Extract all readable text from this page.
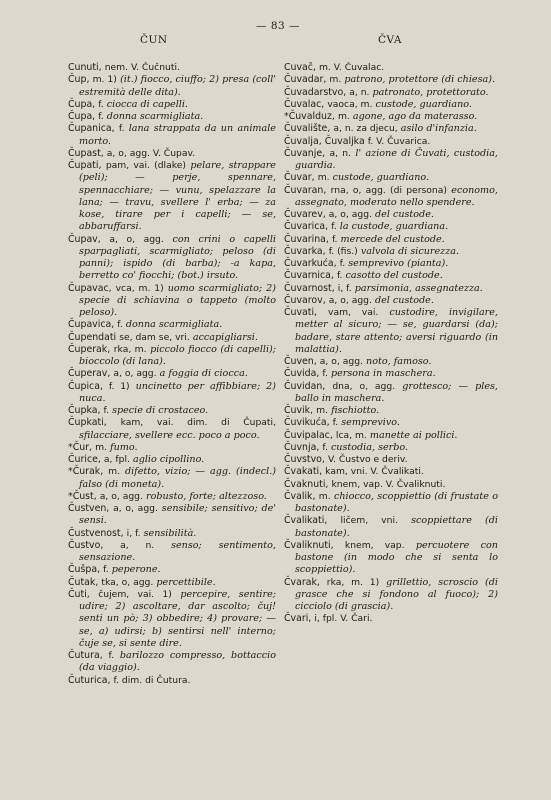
ČUN
— 83 —
ČVA

Čunuti, nem. V. Čučnuti.

Čup, m. 1) (it.) fiocco, ciuffo; 2) presa (coll' estremità delle dita).

Čupa, f. ciocca di capelli.

Čupa, f. donna scarmigliata.

Čupanica, f. lana strappata da un animale morto.

Čupast, a, o, agg. V. Čupav.

Čupati, pam, vai. (dlake) pelare, strappare (peli); — perje, spennare, spennacchiare; — vunu, spelazzare la lana; — travu, svellere l' erba; — za kose, tirare per i capelli; — se, abbaruffarsi.

Čupav, a, o, agg. con crini o capelli sparpagliati, scarmigliato; peloso (di panni); ispido (di barba); -a kapa, berretto co' fiocchi; (bot.) irsuto.

Čupavac, vca, m. 1) uomo scarmigliato; 2) specie di schiavina o tappeto (molto peloso).

Čupavica, f. donna scarmigliata.

Čupendati se, dam se, vri. accapigliarsi.

Čuperak, rka, m. piccolo fiocco (di capelli); bioccolo (di lana).

Čuperav, a, o, agg. a foggia di ciocca.

Čupica, f. 1) uncinetto per affibbiare; 2) nuca.

Čupka, f. specie di crostaceo.

Čupkati, kam, vai. dim. di Čupati, sfilacciare, svellere ecc. poco a poco.

*Čur, m. fumo.

Čurice, a, fpl. aglio cipollino.

*Čurak, m. difetto, vizio; — agg. (indecl.) falso (di moneta).

*Čust, a, o, agg. robusto, forte; altezzoso.

Čustven, a, o, agg. sensibile; sensitivo; de' sensi.

Čustvenost, i, f. sensibilità.

Čustvo, a, n. senso; sentimento, sensazione.

Čušpa, f. peperone.

Čutak, tka, o, agg. percettibile.

Čuti, čujem, vai. 1) percepire, sentire; udire; 2) ascoltare, dar ascolto; čuj! senti un pò; 3) obbedire; 4) provare; — se, a) udirsi; b) sentirsi nell' interno; čuje se, si sente dire.

Čutura, f. barilozzo compresso, bottaccio (da viaggio).

Čuturica, f. dim. di Čutura.

Čuvač, m. V. Čuvalac.

Čuvadar, m. patrono, protettore (di chiesa).

Čuvadarstvo, a, n. patronato, protettorato.

Čuvalac, vaoca, m. custode, guardiano.

*Čuvalduz, m. agone, ago da materasso.

Čuvalište, a, n. za djecu, asilo d'infanzia.

Čuvalja, Čuvaljka f. V. Čuvarica.

Čuvanje, a, n. l' azione di Čuvati, custodia, guardia.

Čuvar, m. custode, guardiano.

Čuvaran, rna, o, agg. (di persona) economo, assegnato, moderato nello spendere.

Čuvarev, a, o, agg. del custode.

Čuvarica, f. la custode, guardiana.

Čuvarina, f. mercede del custode.

Čuvarka, f. (fis.) valvola di sicurezza.

Čuvarkuća, f. semprevivo (pianta).

Čuvarnica, f. casotto del custode.

Čuvarnost, i, f. parsimonia, assegnatezza.

Čuvarov, a, o, agg. del custode.

Čuvati, vam, vai. custodire, invigilare, metter al sicuro; — se, guardarsi (da); badare, stare attento; aversi riguardo (in malattia).

Čuven, a, o, agg. noto, famoso.

Čuvida, f. persona in maschera.

Čuvidan, dna, o, agg. grottesco; — ples, ballo in maschera.

Čuvik, m. fischiotto.

Čuvikuća, f. semprevivo.

Čuvipalac, lca, m. manette ai pollici.

Čuvnja, f. custodia, serbo.

Čuvstvo, V. Čustvo e deriv.

Čvakati, kam, vni. V. Čvalikati.

Čvaknuti, knem, vap. V. Čvaliknuti.

Čvalik, m. chiocco, scoppiettio (di frustate o bastonate).

Čvalikati, ličem, vni. scoppiettare (di bastonate).

Čvaliknuti, knem, vap. percuotere con bastone (in modo che si senta lo scoppiettio).

Čvarak, rka, m. 1) grillettio, scroscio (di grasce che si fondono al fuoco); 2) cicciolo (di grascia).

Čvari, i, fpl. V. Čari.
